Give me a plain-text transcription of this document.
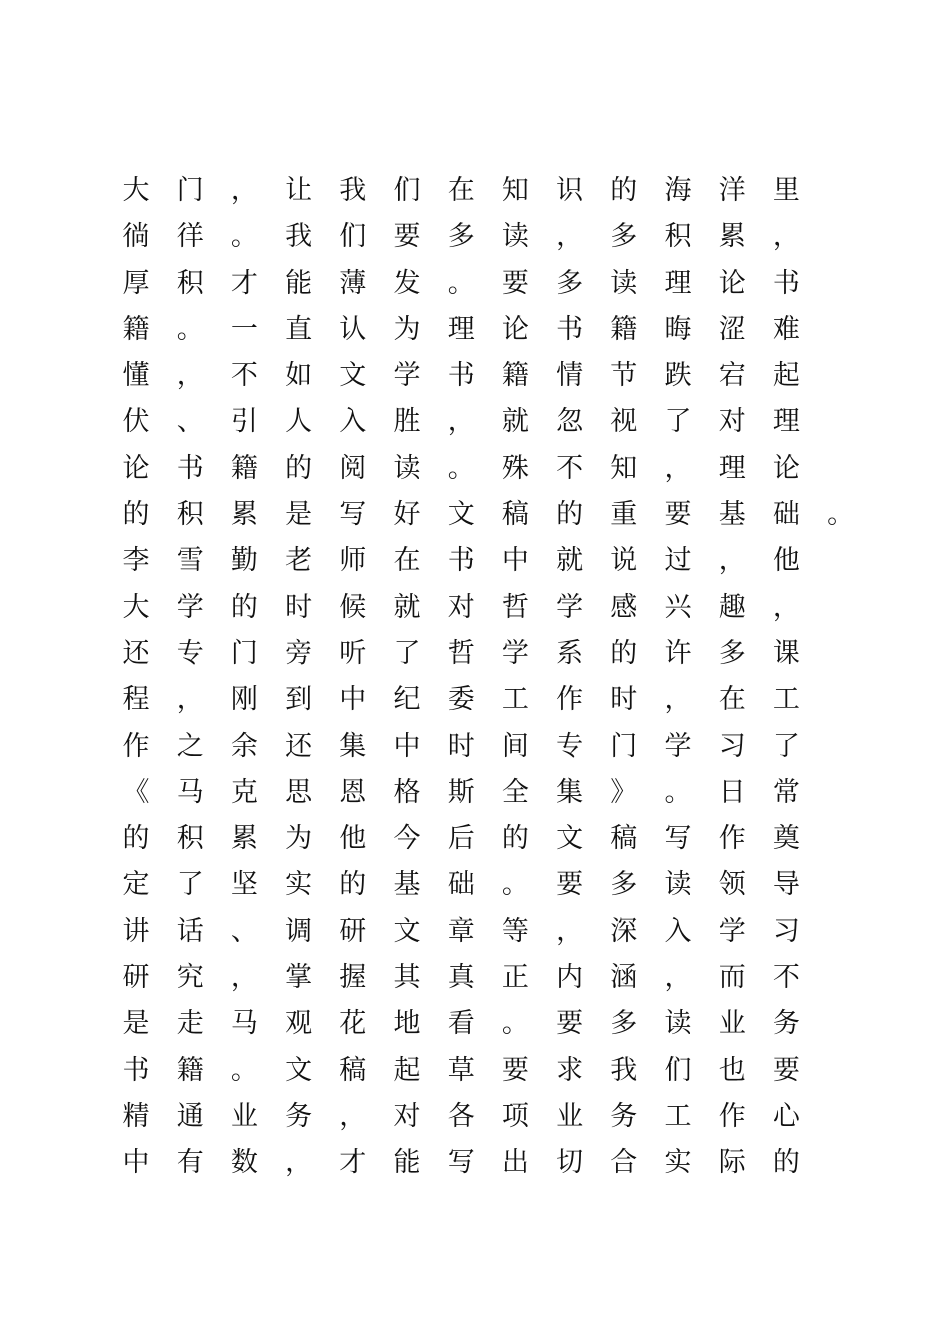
大 门 ， 让 我 们 在 知 识 的 海 洋 里
徜 徉 。 我 们 要 多 读 ， 多 积 累 ，
厚 积 才 能 薄 发 。 要 多 读 理 论 书
籍 。 一 直 认 为 理 论 书 籍 晦 涩 难
懂 ， 不 如 文 学 书 籍 情 节 跌 宕 起
伏 、 引 人 入 胜 ， 就 忽 视 了 对 理
论 书 籍 的 阅 读 。 殊 不 知 ， 理 论
的 积 累 是 写 好 文 稿 的 重 要 基 础 。
李 雪 勤 老 师 在 书 中 就 说 过 ， 他
大 学 的 时 候 就 对 哲 学 感 兴 趣 ，
还 专 门 旁 听 了 哲 学 系 的 许 多 课
程 ， 刚 到 中 纪 委 工 作 时 ， 在 工
作 之 余 还 集 中 时 间 专 门 学 习 了
《 马 克 思 恩 格 斯 全 集 》 。 日 常
的 积 累 为 他 今 后 的 文 稿 写 作 奠
定 了 坚 实 的 基 础 。 要 多 读 领 导
讲 话 、 调 研 文 章 等 ， 深 入 学 习
研 究 ， 掌 握 其 真 正 内 涵 ， 而 不
是 走 马 观 花 地 看 。 要 多 读 业 务
书 籍 。 文 稿 起 草 要 求 我 们 也 要
精 通 业 务 ， 对 各 项 业 务 工 作 心
中 有 数 ， 才 能 写 出 切 合 实 际 的
